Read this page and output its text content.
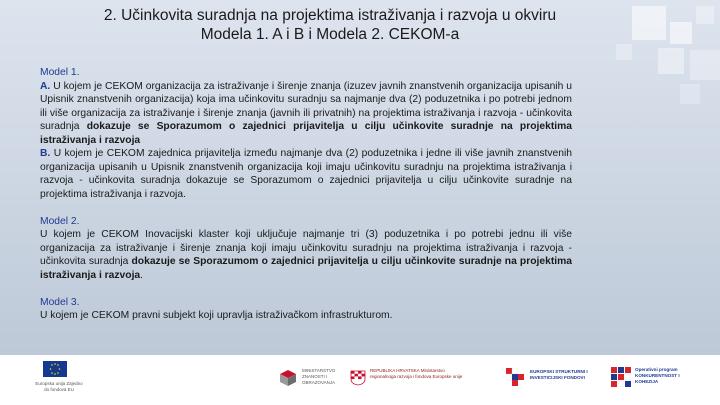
2. Učinkovita suradnja na projektima istraživanja i razvoja u okviru
Modela 1. A i B i Modela 2. CEKOM-a
Model 1.
A. U kojem je CEKOM organizacija za istraživanje i širenje znanja (izuzev javnih znanstvenih organizacija upisanih u Upisnik znanstvenih organizacija) koja ima učinkovitu suradnju sa najmanje dva (2) poduzetnika i po potrebi jednom ili više organizacija za istraživanje i širenje znanja (javnih ili privatnih) na projektima istraživanja i razvoja - učinkovita suradnja dokazuje se Sporazumom o zajednici prijavitelja u cilju učinkovite suradnje na projektima istraživanja i razvoja
B. U kojem je CEKOM zajednica prijavitelja između najmanje dva (2) poduzetnika i jedne ili više javnih znanstvenih organizacija upisanih u Upisnik znanstvenih organizacija koji imaju učinkovitu suradnju na projektima istraživanja i razvoja - učinkovita suradnja dokazuje se Sporazumom o zajednici prijavitelja u cilju učinkovite suradnje na projektima istraživanja i razvoja.
Model 2.
U kojem je CEKOM Inovacijski klaster koji uključuje najmanje tri (3) poduzetnika i po potrebi jednu ili više organizacija za istraživanje i širenje znanja koji imaju učinkovitu suradnju na projektima istraživanja i razvoja - učinkovita suradnja dokazuje se Sporazumom o zajednici prijavitelja u cilju učinkovite suradnje na projektima istraživanja i razvoja.
Model 3.
U kojem je CEKOM pravni subjekt koji upravlja istraživačkom infrastrukturom.
Europska unija Zajedno do fondova EU
MINISTARSTVO ZNANOSTI I OBRAZOVANJA
REPUBLIKA HRVATSKA Ministarstvo regionalnoga razvoja i fondova Europske unije
EUROPSKI STRUKTURNI I INVESTICIJSKI FONDOVI
Operativni program KONKURENTNOST I KOHEZIJA
